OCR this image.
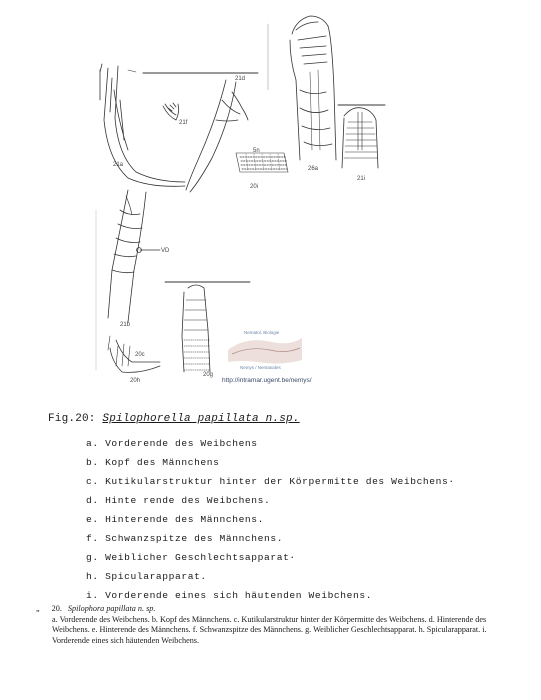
21a
21d
21f
5n
20i
26a
21i
20h
VD
21b
20c
20g
Nematol. Biologie
Nemys / Nematodes
http://intramar.ugent.be/nemys/
Fig.20: Spilophorella papillata n.sp.
a. Vorderende des Weibchens
b. Kopf des Männchens
c. Kutikularstruktur hinter der Körpermitte des Weibchens·
d. Hinte rende des Weibchens.
e. Hinterende des Männchens.
f. Schwanzspitze des Männchens.
g. Weiblicher Geschlechtsapparat·
h. Spicularapparat.
i. Vorderende eines sich häutenden Weibchens.
„ 20. Spilophora papillata n. sp.
a. Vorderende des Weibchens. b. Kopf des Männchens. c. Kutikularstruktur hinter der Körpermitte des Weibchens. d. Hinterende des Weibchens. e. Hinterende des Männchens. f. Schwanzspitze des Männchens. g. Weiblicher Geschlechtsapparat. h. Spicularapparat. i. Vorderende eines sich häutenden Weibchens.
